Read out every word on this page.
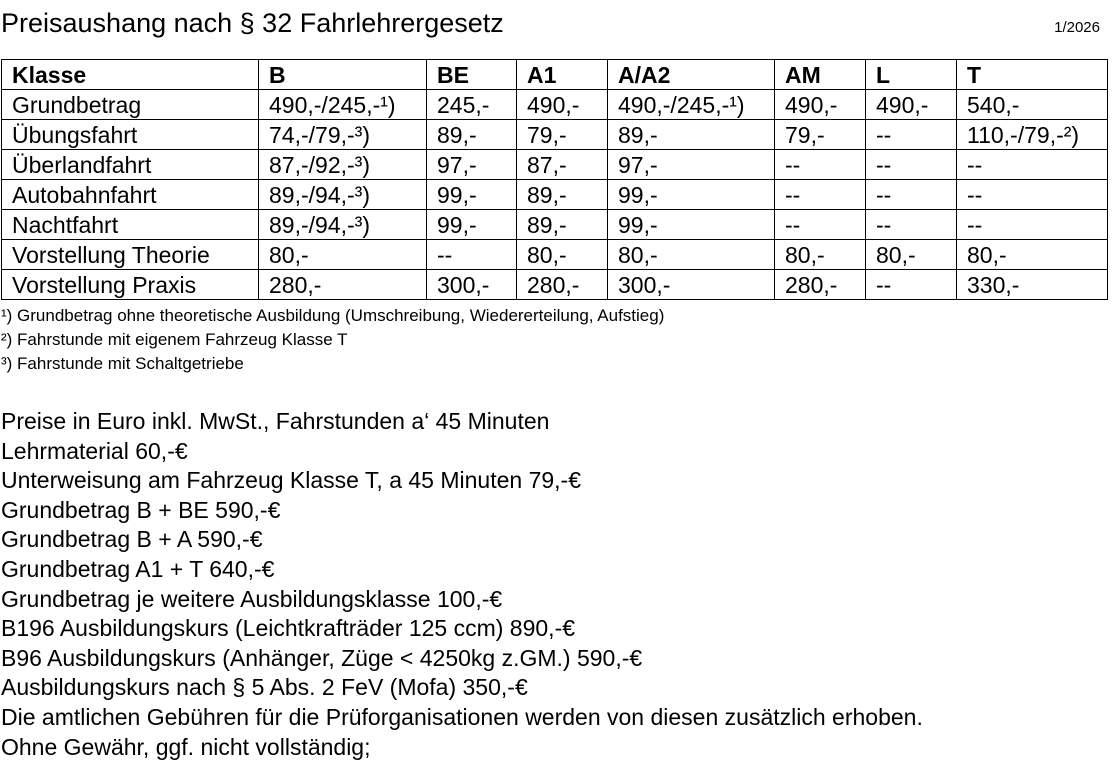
Preisaushang nach § 32 Fahrlehrergesetz	1/2026
Klasse	B	BE	A1	A/A2	AM	L	T
Grundbetrag	490,-/245,-¹)	245,-	490,-	490,-/245,-¹)	490,-	490,-	540,-
Übungsfahrt	74,-/79,-³)	89,-	79,-	89,-	79,-	--	110,-/79,-²)
Überlandfahrt	87,-/92,-³)	97,-	87,-	97,-	--	--	--
Autobahnfahrt	89,-/94,-³)	99,-	89,-	99,-	--	--	--
Nachtfahrt	89,-/94,-³)	99,-	89,-	99,-	--	--	--
Vorstellung Theorie	80,-	--	80,-	80,-	80,-	80,-	80,-
Vorstellung Praxis	280,-	300,-	280,-	300,-	280,-	--	330,-
¹) Grundbetrag ohne theoretische Ausbildung (Umschreibung, Wiedererteilung, Aufstieg)
²) Fahrstunde mit eigenem Fahrzeug Klasse T
³) Fahrstunde mit Schaltgetriebe
Preise in Euro inkl. MwSt., Fahrstunden a‘ 45 Minuten
Lehrmaterial 60,-€
Unterweisung am Fahrzeug Klasse T, a 45 Minuten 79,-€
Grundbetrag B + BE 590,-€
Grundbetrag B + A 590,-€
Grundbetrag A1 + T 640,-€
Grundbetrag je weitere Ausbildungsklasse 100,-€
B196 Ausbildungskurs (Leichtkrafträder 125 ccm) 890,-€
B96 Ausbildungskurs (Anhänger, Züge < 4250kg z.GM.) 590,-€
Ausbildungskurs nach § 5 Abs. 2 FeV (Mofa) 350,-€
Die amtlichen Gebühren für die Prüforganisationen werden von diesen zusätzlich erhoben.
Ohne Gewähr, ggf. nicht vollständig;
